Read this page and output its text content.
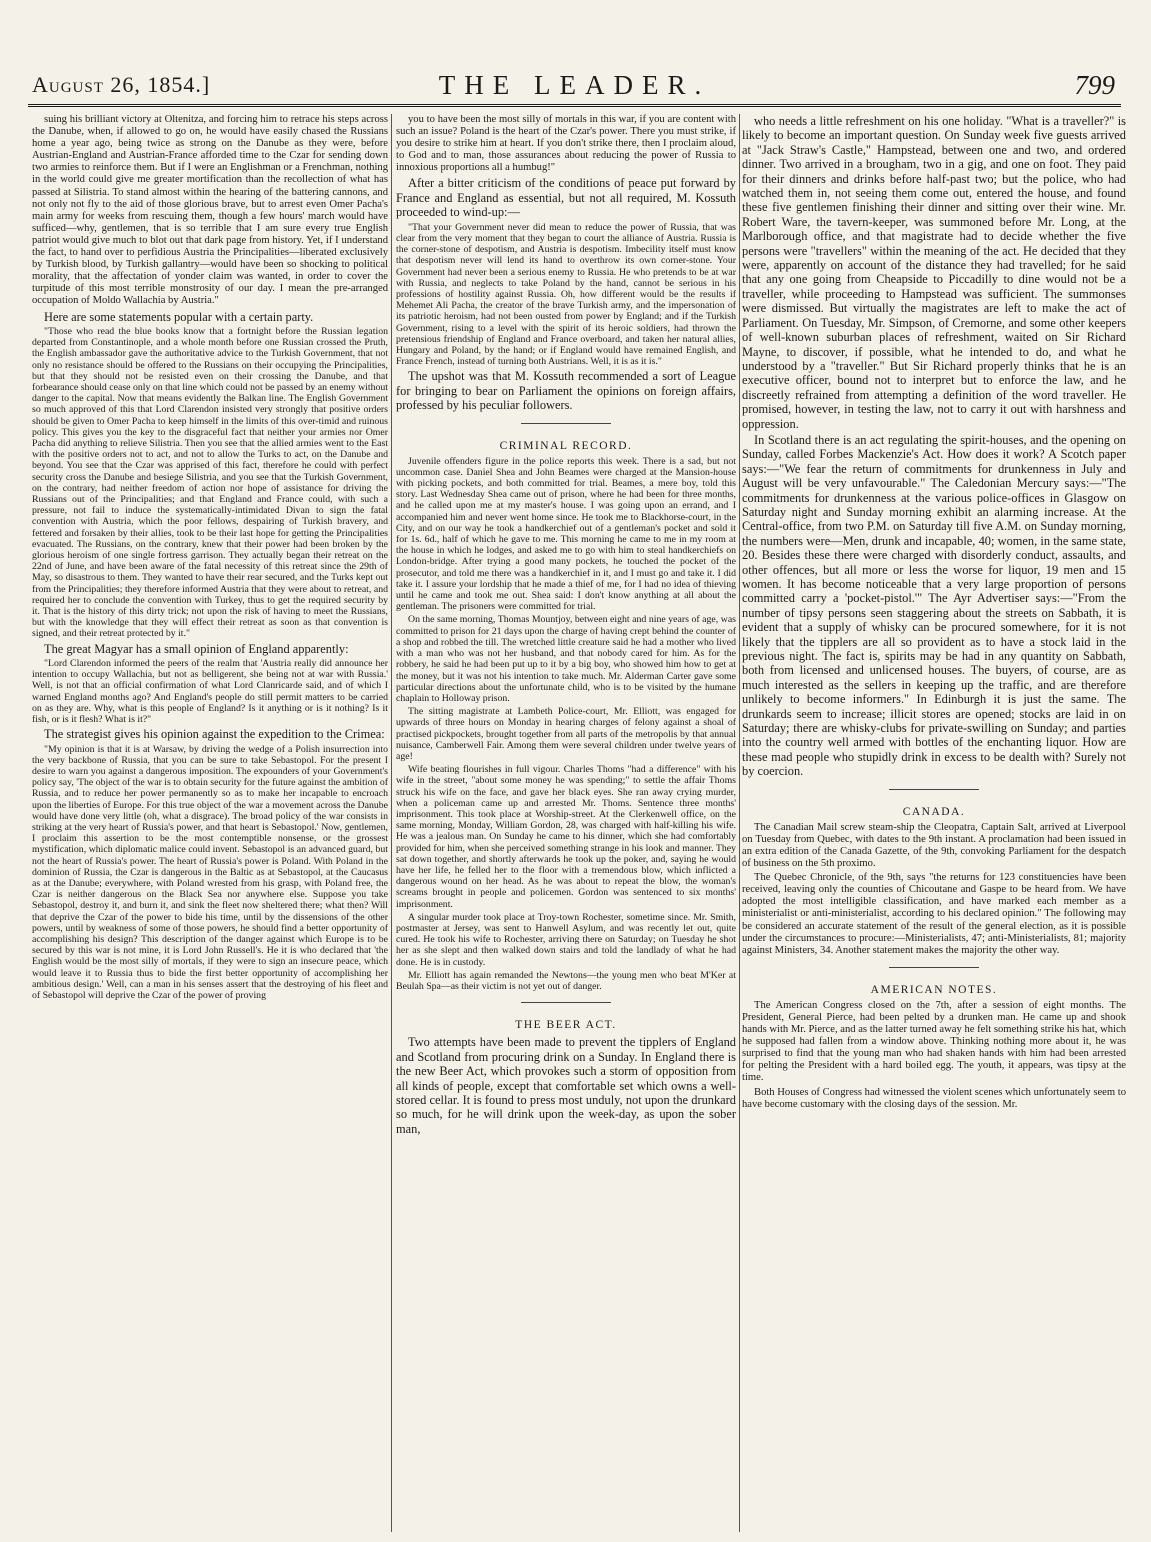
August 26, 1854.]	THE LEADER.	799

suing his brilliant victory at Oltenitza, and forcing him to retrace his steps across the Danube, when, if allowed to go on, he would have easily chased the Russians home a year ago, being twice as strong on the Danube as they were, before Austrian-England and Austrian-France afforded time to the Czar for sending down two armies to reinforce them. But if I were an Englishman or a Frenchman, nothing in the world could give me greater mortification than the recollection of what has passed at Silistria. To stand almost within the hearing of the battering cannons, and not only not fly to the aid of those glorious brave, but to arrest even Omer Pacha's main army for weeks from rescuing them, though a few hours' march would have sufficed—why, gentlemen, that is so terrible that I am sure every true English patriot would give much to blot out that dark page from history. Yet, if I understand the fact, to hand over to perfidious Austria the Principalities—liberated exclusively by Turkish blood, by Turkish gallantry—would have been so shocking to political morality, that the affectation of yonder claim was wanted, in order to cover the turpitude of this most terrible monstrosity of our day. I mean the pre-arranged occupation of Moldo Wallachia by Austria."

Here are some statements popular with a certain party.

"Those who read the blue books know that a fortnight before the Russian legation departed from Constantinople, and a whole month before one Russian crossed the Pruth, the English ambassador gave the authoritative advice to the Turkish Government, that not only no resistance should be offered to the Russians on their occupying the Principalities, but that they should not be resisted even on their crossing the Danube, and that forbearance should cease only on that line which could not be passed by an enemy without danger to the capital. Now that means evidently the Balkan line. The English Government so much approved of this that Lord Clarendon insisted very strongly that positive orders should be given to Omer Pacha to keep himself in the limits of this over-timid and ruinous policy. This gives you the key to the disgraceful fact that neither your armies nor Omer Pacha did anything to relieve Silistria. Then you see that the allied armies went to the East with the positive orders not to act, and not to allow the Turks to act, on the Danube and beyond. You see that the Czar was apprised of this fact, therefore he could with perfect security cross the Danube and besiege Silistria, and you see that the Turkish Government, on the contrary, had neither freedom of action nor hope of assistance for driving the Russians out of the Principalities; and that England and France could, with such a pressure, not fail to induce the systematically-intimidated Divan to sign the fatal convention with Austria, which the poor fellows, despairing of Turkish bravery, and fettered and forsaken by their allies, took to be their last hope for getting the Principalities evacuated. The Russians, on the contrary, knew that their power had been broken by the glorious heroism of one single fortress garrison. They actually began their retreat on the 22nd of June, and have been aware of the fatal necessity of this retreat since the 29th of May, so disastrous to them. They wanted to have their rear secured, and the Turks kept out from the Principalities; they therefore informed Austria that they were about to retreat, and required her to conclude the convention with Turkey, thus to get the required security by it. That is the history of this dirty trick; not upon the risk of having to meet the Russians, but with the knowledge that they will effect their retreat as soon as that convention is signed, and their retreat protected by it."

The great Magyar has a small opinion of England apparently:

"Lord Clarendon informed the peers of the realm that 'Austria really did announce her intention to occupy Wallachia, but not as belligerent, she being not at war with Russia.' Well, is not that an official confirmation of what Lord Clanricarde said, and of which I warned England months ago? And England's people do still permit matters to be carried on as they are. Why, what is this people of England? Is it anything or is it nothing? Is it fish, or is it flesh? What is it?"

The strategist gives his opinion against the expedition to the Crimea:

"My opinion is that it is at Warsaw, by driving the wedge of a Polish insurrection into the very backbone of Russia, that you can be sure to take Sebastopol. For the present I desire to warn you against a dangerous imposition. The expounders of your Government's policy say, 'The object of the war is to obtain security for the future against the ambition of Russia, and to reduce her power permanently so as to make her incapable to encroach upon the liberties of Europe. For this true object of the war a movement across the Danube would have done very little (oh, what a disgrace). The broad policy of the war consists in striking at the very heart of Russia's power, and that heart is Sebastopol.' Now, gentlemen, I proclaim this assertion to be the most contemptible nonsense, or the grossest mystification, which diplomatic malice could invent. Sebastopol is an advanced guard, but not the heart of Russia's power. The heart of Russia's power is Poland. With Poland in the dominion of Russia, the Czar is dangerous in the Baltic as at Sebastopol, at the Caucasus as at the Danube; everywhere, with Poland wrested from his grasp, with Poland free, the Czar is neither dangerous on the Black Sea nor anywhere else. Suppose you take Sebastopol, destroy it, and burn it, and sink the fleet now sheltered there; what then? Will that deprive the Czar of the power to bide his time, until by the dissensions of the other powers, until by weakness of some of those powers, he should find a better opportunity of accomplishing his design? This description of the danger against which Europe is to be secured by this war is not mine, it is Lord John Russell's. He it is who declared that 'the English would be the most silly of mortals, if they were to sign an insecure peace, which would leave it to Russia thus to bide the first better opportunity of accomplishing her ambitious design.' Well, can a man in his senses assert that the destroying of his fleet and of Sebastopol will deprive the Czar of the power of proving

you to have been the most silly of mortals in this war, if you are content with such an issue? Poland is the heart of the Czar's power. There you must strike, if you desire to strike him at heart. If you don't strike there, then I proclaim aloud, to God and to man, those assurances about reducing the power of Russia to innoxious proportions all a humbug!"

After a bitter criticism of the conditions of peace put forward by France and England as essential, but not all required, M. Kossuth proceeded to wind-up:—

"That your Government never did mean to reduce the power of Russia, that was clear from the very moment that they began to court the alliance of Austria. Russia is the corner-stone of despotism, and Austria is despotism. Imbecility itself must know that despotism never will lend its hand to overthrow its own corner-stone. Your Government had never been a serious enemy to Russia. He who pretends to be at war with Russia, and neglects to take Poland by the hand, cannot be serious in his professions of hostility against Russia. Oh, how different would be the results if Mehemet Ali Pacha, the creator of the brave Turkish army, and the impersonation of its patriotic heroism, had not been ousted from power by England; and if the Turkish Government, rising to a level with the spirit of its heroic soldiers, had thrown the pretensious friendship of England and France overboard, and taken her natural allies, Hungary and Poland, by the hand; or if England would have remained English, and France French, instead of turning both Austrians. Well, it is as it is."

The upshot was that M. Kossuth recommended a sort of League for bringing to bear on Parliament the opinions on foreign affairs, professed by his peculiar followers.

CRIMINAL RECORD.

Juvenile offenders figure in the police reports this week. There is a sad, but not uncommon case. Daniel Shea and John Beames were charged at the Mansion-house with picking pockets, and both committed for trial. Beames, a mere boy, told this story. Last Wednesday Shea came out of prison, where he had been for three months, and he called upon me at my master's house. I was going upon an errand, and I accompanied him and never went home since. He took me to Blackhorse-court, in the City, and on our way he took a handkerchief out of a gentleman's pocket and sold it for 1s. 6d., half of which he gave to me. This morning he came to me in my room at the house in which he lodges, and asked me to go with him to steal handkerchiefs on London-bridge. After trying a good many pockets, he touched the pocket of the prosecutor, and told me there was a handkerchief in it, and I must go and take it. I did take it. I assure your lordship that he made a thief of me, for I had no idea of thieving until he came and took me out. Shea said: I don't know anything at all about the gentleman. The prisoners were committed for trial.

On the same morning, Thomas Mountjoy, between eight and nine years of age, was committed to prison for 21 days upon the charge of having crept behind the counter of a shop and robbed the till. The wretched little creature said he had a mother who lived with a man who was not her husband, and that nobody cared for him. As for the robbery, he said he had been put up to it by a big boy, who showed him how to get at the money, but it was not his intention to take much. Mr. Alderman Carter gave some particular directions about the unfortunate child, who is to be visited by the humane chaplain to Holloway prison.

The sitting magistrate at Lambeth Police-court, Mr. Elliott, was engaged for upwards of three hours on Monday in hearing charges of felony against a shoal of practised pickpockets, brought together from all parts of the metropolis by that annual nuisance, Camberwell Fair. Among them were several children under twelve years of age!

Wife beating flourishes in full vigour. Charles Thoms "had a difference" with his wife in the street, "about some money he was spending;" to settle the affair Thoms struck his wife on the face, and gave her black eyes. She ran away crying murder, when a policeman came up and arrested Mr. Thoms. Sentence three months' imprisonment. This took place at Worship-street. At the Clerkenwell office, on the same morning, Monday, William Gordon, 28, was charged with half-killing his wife. He was a jealous man. On Sunday he came to his dinner, which she had comfortably provided for him, when she perceived something strange in his look and manner. They sat down together, and shortly afterwards he took up the poker, and, saying he would have her life, he felled her to the floor with a tremendous blow, which inflicted a dangerous wound on her head. As he was about to repeat the blow, the woman's screams brought in people and policemen. Gordon was sentenced to six months' imprisonment.

A singular murder took place at Troy-town Rochester, sometime since. Mr. Smith, postmaster at Jersey, was sent to Hanwell Asylum, and was recently let out, quite cured. He took his wife to Rochester, arriving there on Saturday; on Tuesday he shot her as she slept and then walked down stairs and told the landlady of what he had done. He is in custody.

Mr. Elliott has again remanded the Newtons—the young men who beat M'Ker at Beulah Spa—as their victim is not yet out of danger.

THE BEER ACT.

Two attempts have been made to prevent the tipplers of England and Scotland from procuring drink on a Sunday. In England there is the new Beer Act, which provokes such a storm of opposition from all kinds of people, except that comfortable set which owns a well-stored cellar. It is found to press most unduly, not upon the drunkard so much, for he will drink upon the week-day, as upon the sober man,

who needs a little refreshment on his one holiday. "What is a traveller?" is likely to become an important question. On Sunday week five guests arrived at "Jack Straw's Castle," Hampstead, between one and two, and ordered dinner. Two arrived in a brougham, two in a gig, and one on foot. They paid for their dinners and drinks before half-past two; but the police, who had watched them in, not seeing them come out, entered the house, and found these five gentlemen finishing their dinner and sitting over their wine. Mr. Robert Ware, the tavern-keeper, was summoned before Mr. Long, at the Marlborough office, and that magistrate had to decide whether the five persons were "travellers" within the meaning of the act. He decided that they were, apparently on account of the distance they had travelled; for he said that any one going from Cheapside to Piccadilly to dine would not be a traveller, while proceeding to Hampstead was sufficient. The summonses were dismissed. But virtually the magistrates are left to make the act of Parliament. On Tuesday, Mr. Simpson, of Cremorne, and some other keepers of well-known suburban places of refreshment, waited on Sir Richard Mayne, to discover, if possible, what he intended to do, and what he understood by a "traveller." But Sir Richard properly thinks that he is an executive officer, bound not to interpret but to enforce the law, and he discreetly refrained from attempting a definition of the word traveller. He promised, however, in testing the law, not to carry it out with harshness and oppression.

In Scotland there is an act regulating the spirit-houses, and the opening on Sunday, called Forbes Mackenzie's Act. How does it work? A Scotch paper says:—"We fear the return of commitments for drunkenness in July and August will be very unfavourable." The Caledonian Mercury says:—"The commitments for drunkenness at the various police-offices in Glasgow on Saturday night and Sunday morning exhibit an alarming increase. At the Central-office, from two P.M. on Saturday till five A.M. on Sunday morning, the numbers were—Men, drunk and incapable, 40; women, in the same state, 20. Besides these there were charged with disorderly conduct, assaults, and other offences, but all more or less the worse for liquor, 19 men and 15 women. It has become noticeable that a very large proportion of persons committed carry a 'pocket-pistol.'" The Ayr Advertiser says:—"From the number of tipsy persons seen staggering about the streets on Sabbath, it is evident that a supply of whisky can be procured somewhere, for it is not likely that the tipplers are all so provident as to have a stock laid in the previous night. The fact is, spirits may be had in any quantity on Sabbath, both from licensed and unlicensed houses. The buyers, of course, are as much interested as the sellers in keeping up the traffic, and are therefore unlikely to become informers." In Edinburgh it is just the same. The drunkards seem to increase; illicit stores are opened; stocks are laid in on Saturday; there are whisky-clubs for private-swilling on Sunday; and parties into the country well armed with bottles of the enchanting liquor. How are these mad people who stupidly drink in excess to be dealth with? Surely not by coercion.

CANADA.

The Canadian Mail screw steam-ship the Cleopatra, Captain Salt, arrived at Liverpool on Tuesday from Quebec, with dates to the 9th instant. A proclamation had been issued in an extra edition of the Canada Gazette, of the 9th, convoking Parliament for the despatch of business on the 5th proximo.

The Quebec Chronicle, of the 9th, says "the returns for 123 constituencies have been received, leaving only the counties of Chicoutane and Gaspe to be heard from. We have adopted the most intelligible classification, and have marked each member as a ministerialist or anti-ministerialist, according to his declared opinion." The following may be considered an accurate statement of the result of the general election, as it is possible under the circumstances to procure:—Ministerialists, 47; anti-Ministerialists, 81; majority against Ministers, 34. Another statement makes the majority the other way.

AMERICAN NOTES.

The American Congress closed on the 7th, after a session of eight months. The President, General Pierce, had been pelted by a drunken man. He came up and shook hands with Mr. Pierce, and as the latter turned away he felt something strike his hat, which he supposed had fallen from a window above. Thinking nothing more about it, he was surprised to find that the young man who had shaken hands with him had been arrested for pelting the President with a hard boiled egg. The youth, it appears, was tipsy at the time.

Both Houses of Congress had witnessed the violent scenes which unfortunately seem to have become customary with the closing days of the session. Mr.
